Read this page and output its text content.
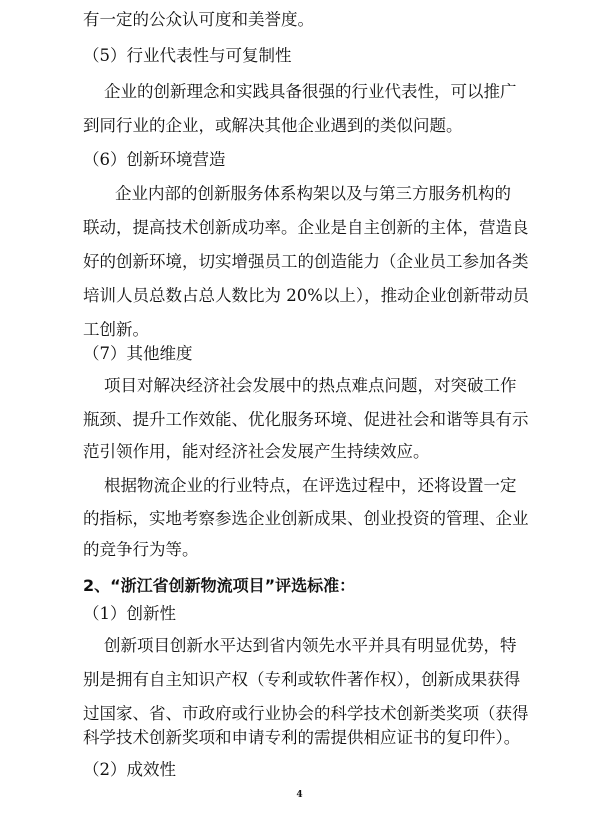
有一定的公众认可度和美誉度。
（5）行业代表性与可复制性
企业的创新理念和实践具备很强的行业代表性，可以推广
到同行业的企业，或解决其他企业遇到的类似问题。
（6）创新环境营造
企业内部的创新服务体系构架以及与第三方服务机构的
联动，提高技术创新成功率。企业是自主创新的主体，营造良
好的创新环境，切实增强员工的创造能力（企业员工参加各类
培训人员总数占总人数比为 20%以上），推动企业创新带动员
工创新。
（7）其他维度
项目对解决经济社会发展中的热点难点问题，对突破工作
瓶颈、提升工作效能、优化服务环境、促进社会和谐等具有示
范引领作用，能对经济社会发展产生持续效应。
根据物流企业的行业特点，在评选过程中，还将设置一定
的指标，实地考察参选企业创新成果、创业投资的管理、企业
的竞争行为等。
2、“浙江省创新物流项目”评选标准：
（1）创新性
创新项目创新水平达到省内领先水平并具有明显优势，特
别是拥有自主知识产权（专利或软件著作权），创新成果获得
过国家、省、市政府或行业协会的科学技术创新类奖项（获得
科学技术创新奖项和申请专利的需提供相应证书的复印件）。
（2）成效性
4
